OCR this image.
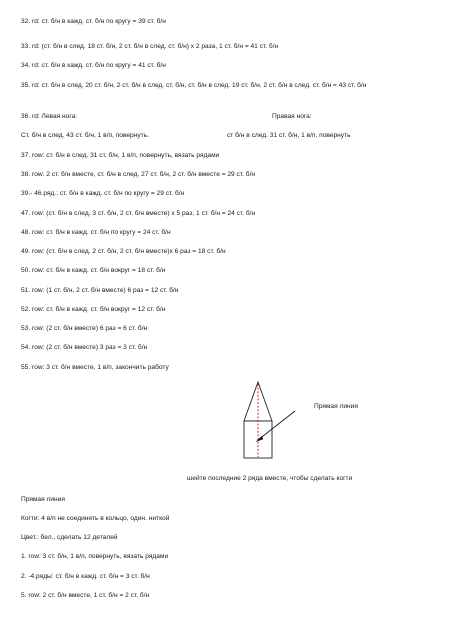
32. rd: ст. б/н в кажд. ст. б/н по кругу = 39 ст. б/н
33. rd: (ст. б/н в след. 18 ст. б/н, 2 ст. б/н в след. ст. б/н) x 2 раза, 1 ст. б/н = 41 ст. б/н
34. rd: ст. б/н в кажд. ст. б/н по кругу = 41 ст. б/н
35. rd: ст. б/н в след. 20 ст. б/н, 2 ст. б/н в след. ст. б/н, ст. б/н в след. 19 ст. б/н, 2 ст. б/н в след. ст. б/н = 43 ст. б/н
36. rd: Левая нога:	Правая нога:
Ст. б/н в след. 43 ст. б/н, 1 в/п, повернуть.	ст б/н в след. 31 ст. б/н, 1 в/п, повернуть
37. row: ст. б/н в след. 31 ст. б/н, 1 в/п, повернуть, вязать рядами
38. row: 2 ст. б/н вместе, ст. б/н в след. 27 ст. б/н, 2 ст. б/н вместе = 29 ст. б/н
39.- 46.ряд.: ст. б/н в кажд. ст. б/н по кругу = 29 ст. б/н
47. row: (ст. б/н в след. 3 ст. б/н, 2 ст. б/н вместе) x 5 раз, 1 ст. б/н = 24 ст. б/н
48. row: ст. б/н в кажд. ст. б/н по кругу = 24 ст. б/н
49. row: (ст. б/н в след. 2 ст. б/н, 2 ст. б/н вместе)x 6 раз = 18 ст. б/н
50. row: ст. б/н в кажд. ст. б/н вокруг = 18 ст. б/н
51. row: (1 ст. б/н, 2 ст. б/н вместе) 6 раз = 12 ст. б/н
52. row: ст. б/н в кажд. ст. б/н вокруг = 12 ст. б/н
53. row: (2 ст. б/н вместе) 6 раз = 6 ст. б/н
54. row: (2 ст. б/н вместе) 3 раз = 3 ст. б/н
55. row: 3 ст. б/н вместе, 1 в/п, закончить работу
Прямая линия
шейте последние 2 ряда вместе, чтобы сделать когти
Прямая линия
Когти: 4 в/п не соединять в кольцо, один. ниткой
Цвет.: бел., сделать 12 деталей
1. row: 3 ст. б/н, 1 в/п, повернуть, вязать рядами
2. -4.ряды: ст. б/н в кажд. ст. б/н = 3 ст. б/н
5. row: 2 ст. б/н вместе, 1 ст. б/н = 2 ст. б/н
